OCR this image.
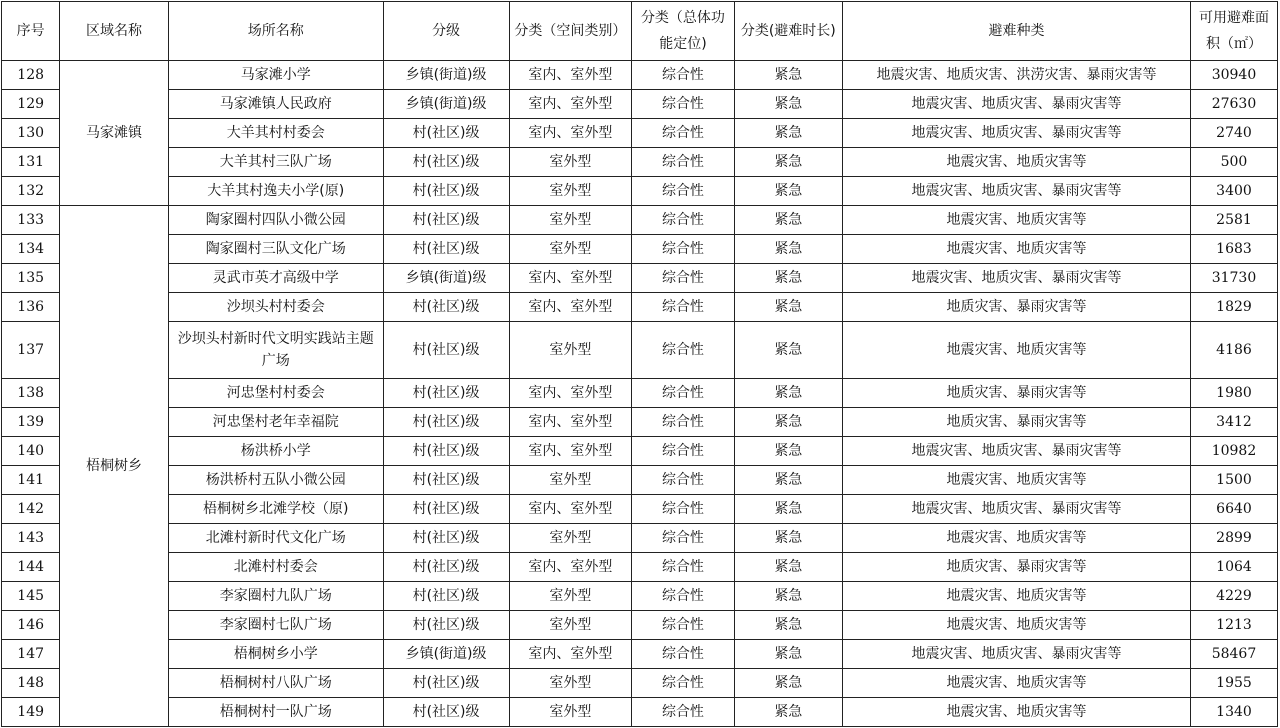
序号	区域名称	场所名称	分级	分类（空间类别）	分类（总体功能定位)	分类(避难时长)	避难种类	可用避难面积（㎡）
128	马家滩镇	马家滩小学	乡镇(街道)级	室内、室外型	综合性	紧急	地震灾害、地质灾害、洪涝灾害、暴雨灾害等	30940
129		马家滩镇人民政府	乡镇(街道)级	室内、室外型	综合性	紧急	地震灾害、地质灾害、暴雨灾害等	27630
130		大羊其村村委会	村(社区)级	室内、室外型	综合性	紧急	地震灾害、地质灾害、暴雨灾害等	2740
131		大羊其村三队广场	村(社区)级	室外型	综合性	紧急	地震灾害、地质灾害等	500
132		大羊其村逸夫小学(原)	村(社区)级	室外型	综合性	紧急	地震灾害、地质灾害、暴雨灾害等	3400
133	梧桐树乡	陶家圈村四队小微公园	村(社区)级	室外型	综合性	紧急	地震灾害、地质灾害等	2581
134		陶家圈村三队文化广场	村(社区)级	室外型	综合性	紧急	地震灾害、地质灾害等	1683
135		灵武市英才高级中学	乡镇(街道)级	室内、室外型	综合性	紧急	地震灾害、地质灾害、暴雨灾害等	31730
136		沙坝头村村委会	村(社区)级	室内、室外型	综合性	紧急	地质灾害、暴雨灾害等	1829
137		沙坝头村新时代文明实践站主题广场	村(社区)级	室外型	综合性	紧急	地震灾害、地质灾害等	4186
138		河忠堡村村委会	村(社区)级	室内、室外型	综合性	紧急	地质灾害、暴雨灾害等	1980
139		河忠堡村老年幸福院	村(社区)级	室内、室外型	综合性	紧急	地质灾害、暴雨灾害等	3412
140		杨洪桥小学	村(社区)级	室内、室外型	综合性	紧急	地震灾害、地质灾害、暴雨灾害等	10982
141		杨洪桥村五队小微公园	村(社区)级	室外型	综合性	紧急	地震灾害、地质灾害等	1500
142		梧桐树乡北滩学校（原)	村(社区)级	室内、室外型	综合性	紧急	地震灾害、地质灾害、暴雨灾害等	6640
143		北滩村新时代文化广场	村(社区)级	室外型	综合性	紧急	地震灾害、地质灾害等	2899
144		北滩村村委会	村(社区)级	室内、室外型	综合性	紧急	地质灾害、暴雨灾害等	1064
145		李家圈村九队广场	村(社区)级	室外型	综合性	紧急	地震灾害、地质灾害等	4229
146		李家圈村七队广场	村(社区)级	室外型	综合性	紧急	地震灾害、地质灾害等	1213
147		梧桐树乡小学	乡镇(街道)级	室内、室外型	综合性	紧急	地震灾害、地质灾害、暴雨灾害等	58467
148		梧桐树村八队广场	村(社区)级	室外型	综合性	紧急	地震灾害、地质灾害等	1955
149		梧桐树村一队广场	村(社区)级	室外型	综合性	紧急	地震灾害、地质灾害等	1340
